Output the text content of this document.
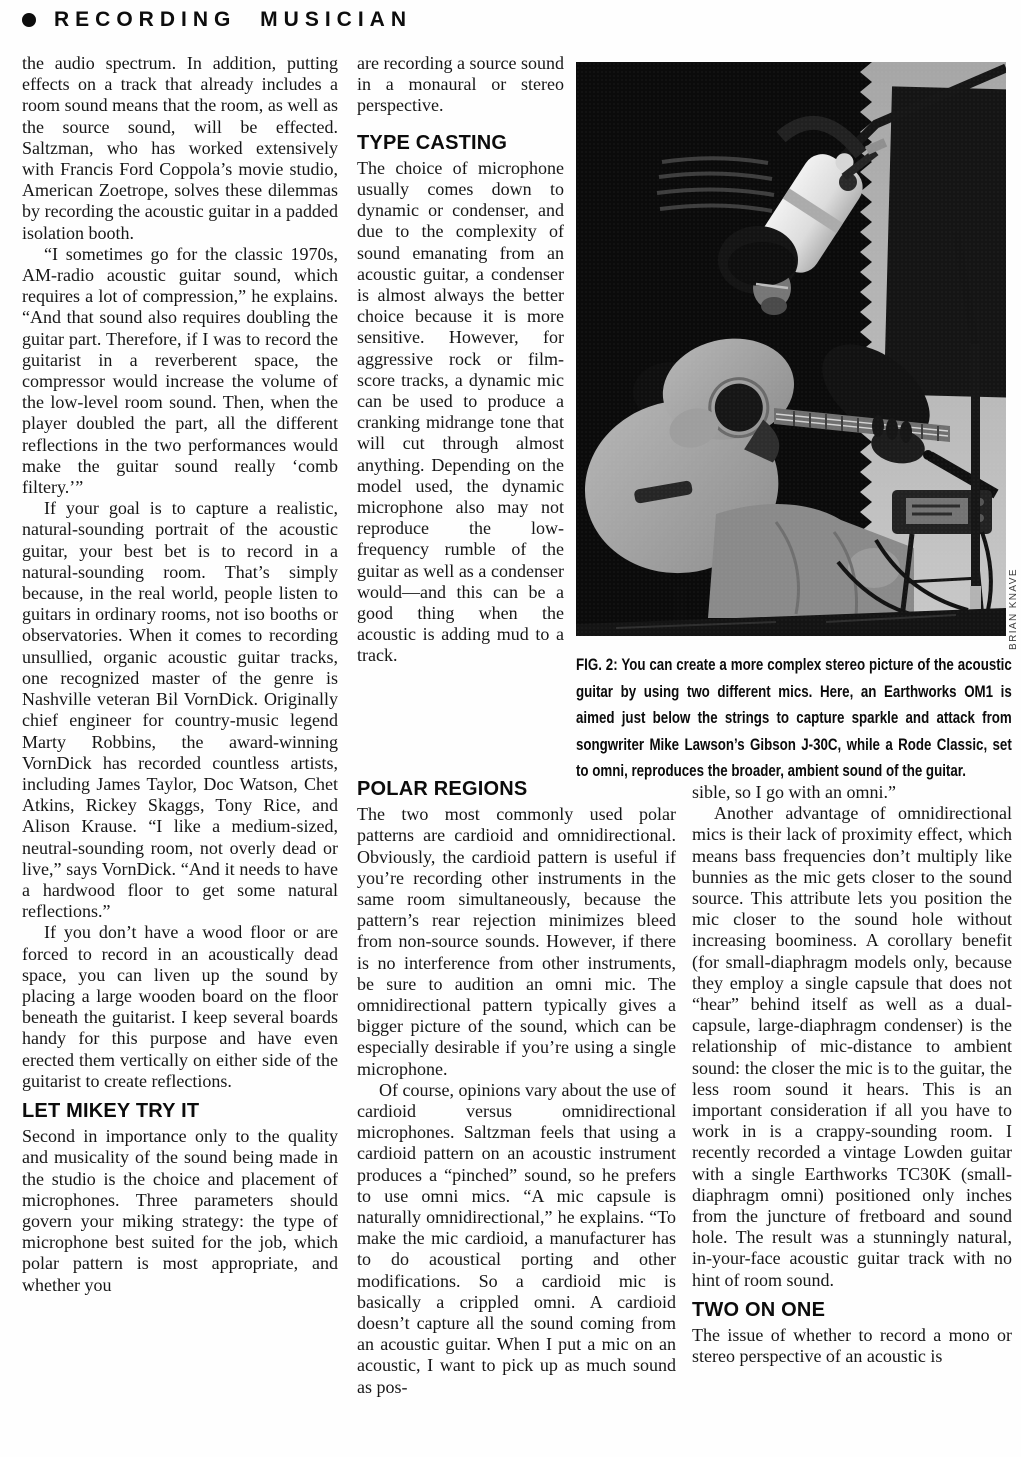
RECORDING MUSICIAN

the audio spectrum. In addition, putting effects on a track that already includes a room sound means that the room, as well as the source sound, will be effected. Saltzman, who has worked extensively with Francis Ford Coppola’s movie studio, American Zoetrope, solves these dilemmas by recording the acoustic guitar in a padded isolation booth.

“I sometimes go for the classic 1970s, AM-radio acoustic guitar sound, which requires a lot of compression,” he explains. “And that sound also requires doubling the guitar part. Therefore, if I was to record the guitarist in a reverberent space, the compressor would increase the volume of the low-level room sound. Then, when the player doubled the part, all the different reflections in the two performances would make the guitar sound really ‘comb filtery.’”

If your goal is to capture a realistic, natural-sounding portrait of the acoustic guitar, your best bet is to record in a natural-sounding room. That’s simply because, in the real world, people listen to guitars in ordinary rooms, not iso booths or observatories. When it comes to recording unsullied, organic acoustic guitar tracks, one recognized master of the genre is Nashville veteran Bil VornDick. Originally chief engineer for country-music legend Marty Robbins, the award-winning VornDick has recorded countless artists, including James Taylor, Doc Watson, Chet Atkins, Rickey Skaggs, Tony Rice, and Alison Krause. “I like a medium-sized, neutral-sounding room, not overly dead or live,” says VornDick. “And it needs to have a hardwood floor to get some natural reflections.”

If you don’t have a wood floor or are forced to record in an acoustically dead space, you can liven up the sound by placing a large wooden board on the floor beneath the guitarist. I keep several boards handy for this purpose and have even erected them vertically on either side of the guitarist to create reflections.

LET MIKEY TRY IT

Second in importance only to the quality and musicality of the sound being made in the studio is the choice and placement of microphones. Three parameters should govern your miking strategy: the type of microphone best suited for the job, which polar pattern is most appropriate, and whether you

are recording a source sound in a monaural or stereo perspective.

TYPE CASTING

The choice of microphone usually comes down to dynamic or condenser, and due to the complexity of sound emanating from an acoustic guitar, a condenser is almost always the better choice because it is more sensitive. However, for aggressive rock or film-score tracks, a dynamic mic can be used to produce a cranking midrange tone that will cut through almost anything. Depending on the model used, the dynamic microphone also may not reproduce the low-frequency rumble of the guitar as well as a condenser would—and this can be a good thing when the acoustic is adding mud to a track.

BRIAN KNAVE
FIG. 2: You can create a more complex stereo picture of the acoustic guitar by using two different mics. Here, an Earthworks OM1 is aimed just below the strings to capture sparkle and attack from songwriter Mike Lawson’s Gibson J-30C, while a Rode Classic, set to omni, reproduces the broader, ambient sound of the guitar.
POLAR REGIONS

The two most commonly used polar patterns are cardioid and omnidirectional. Obviously, the cardioid pattern is useful if you’re recording other instruments in the same room simultaneously, because the pattern’s rear rejection minimizes bleed from non-source sounds. However, if there is no interference from other instruments, be sure to audition an omni mic. The omnidirectional pattern typically gives a bigger picture of the sound, which can be especially desirable if you’re using a single microphone.

Of course, opinions vary about the use of cardioid versus omnidirectional microphones. Saltzman feels that using a cardioid pattern on an acoustic instrument produces a “pinched” sound, so he prefers to use omni mics. “A mic capsule is naturally omnidirectional,” he explains. “To make the mic cardioid, a manufacturer has to do acoustical porting and other modifications. So a cardioid mic is basically a crippled omni. A cardioid doesn’t capture all the sound coming from an acoustic guitar. When I put a mic on an acoustic, I want to pick up as much sound as pos-

sible, so I go with an omni.”

Another advantage of omnidirectional mics is their lack of proximity effect, which means bass frequencies don’t multiply like bunnies as the mic gets closer to the sound source. This attribute lets you position the mic closer to the sound hole without increasing boominess. A corollary benefit (for small-diaphragm models only, because they employ a single capsule that does not “hear” behind itself as well as a dual-capsule, large-diaphragm condenser) is the relationship of mic-distance to ambient sound: the closer the mic is to the guitar, the less room sound it hears. This is an important consideration if all you have to work in is a crappy-sounding room. I recently recorded a vintage Lowden guitar with a single Earthworks TC30K (small-diaphragm omni) positioned only inches from the juncture of fretboard and sound hole. The result was a stunningly natural, in-your-face acoustic guitar track with no hint of room sound.

TWO ON ONE

The issue of whether to record a mono or stereo perspective of an acoustic is
